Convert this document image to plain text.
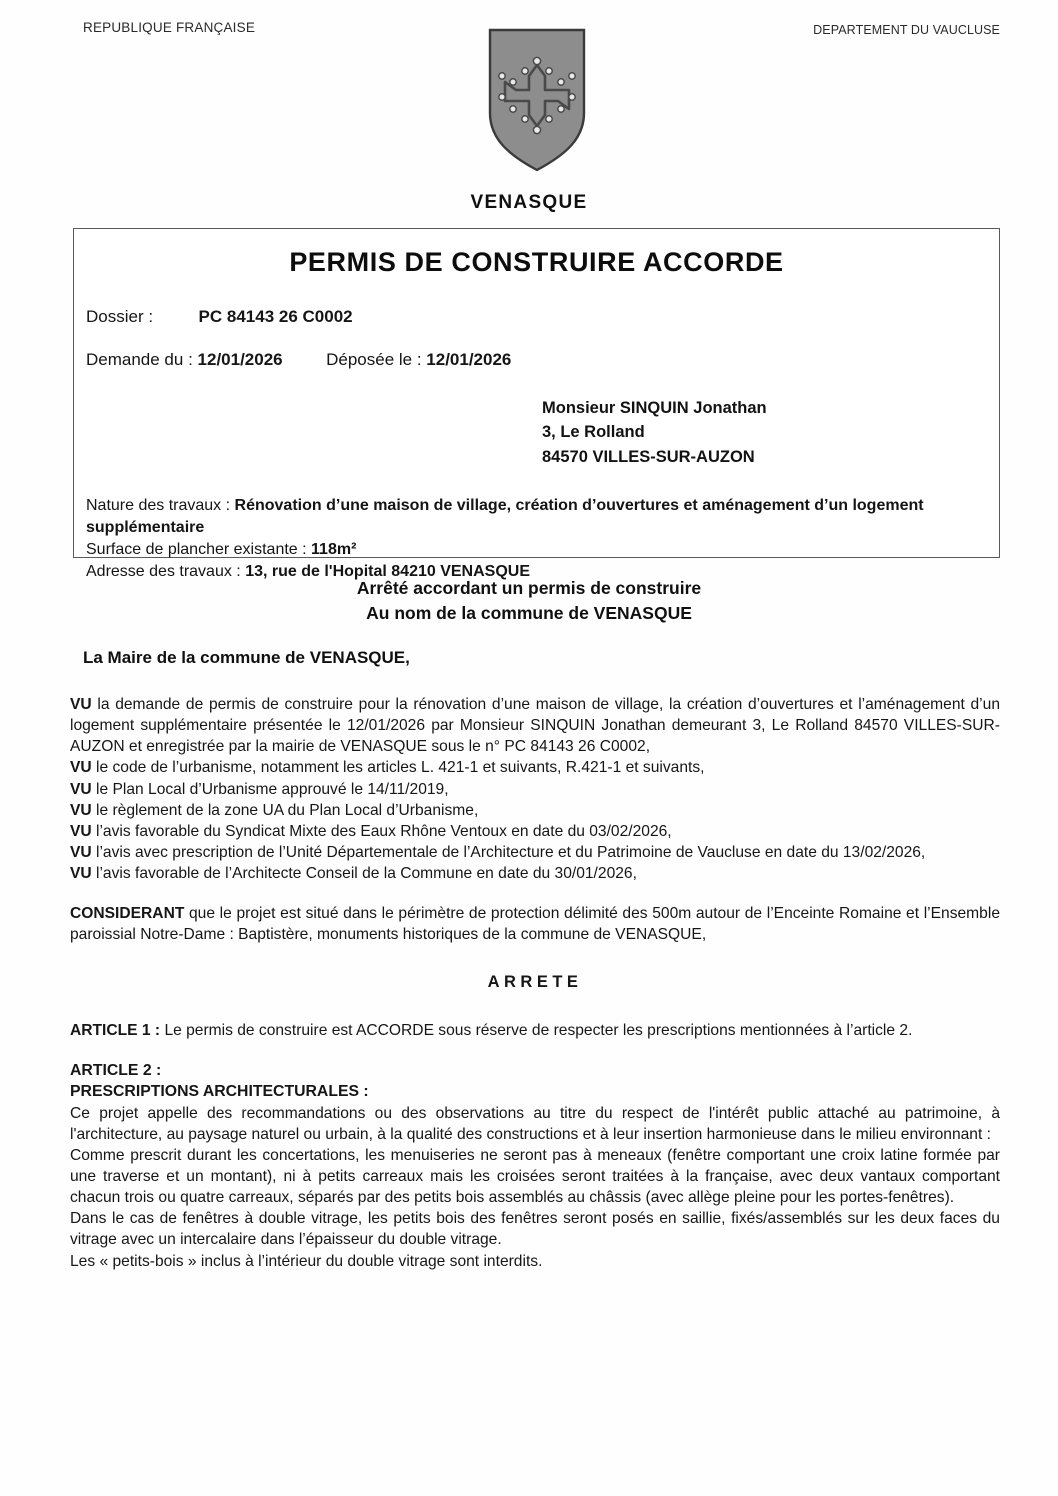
REPUBLIQUE FRANÇAISE	DEPARTEMENT DU VAUCLUSE
VENASQUE
PERMIS DE CONSTRUIRE ACCORDE
Dossier :	PC 84143 26 C0002
Demande du : 12/01/2026	Déposée le : 12/01/2026
Monsieur SINQUIN Jonathan
3, Le Rolland
84570 VILLES-SUR-AUZON

Nature des travaux : Rénovation d’une maison de village, création d’ouvertures et aménagement d’un logement supplémentaire

Surface de plancher existante : 118m²

Adresse des travaux : 13, rue de l'Hopital 84210 VENASQUE

Arrêté accordant un permis de construire
Au nom de la commune de VENASQUE
La Maire de la commune de VENASQUE,

VU la demande de permis de construire pour la rénovation d’une maison de village, la création d’ouvertures et l’aménagement d’un logement supplémentaire présentée le 12/01/2026 par Monsieur SINQUIN Jonathan demeurant 3, Le Rolland 84570 VILLES-SUR-AUZON et enregistrée par la mairie de VENASQUE sous le n° PC 84143 26 C0002,

VU le code de l’urbanisme, notamment les articles L. 421-1 et suivants, R.421-1 et suivants,

VU le Plan Local d’Urbanisme approuvé le 14/11/2019,

VU le règlement de la zone UA du Plan Local d’Urbanisme,

VU l’avis favorable du Syndicat Mixte des Eaux Rhône Ventoux en date du 03/02/2026,

VU l’avis avec prescription de l’Unité Départementale de l’Architecture et du Patrimoine de Vaucluse en date du 13/02/2026,

VU l’avis favorable de l’Architecte Conseil de la Commune en date du 30/01/2026,

CONSIDERANT que le projet est situé dans le périmètre de protection délimité des 500m autour de l’Enceinte Romaine et l’Ensemble paroissial Notre-Dame : Baptistère, monuments historiques de la commune de VENASQUE,

ARRETE

ARTICLE 1 : Le permis de construire est ACCORDE sous réserve de respecter les prescriptions mentionnées à l’article 2.

ARTICLE 2 :

PRESCRIPTIONS ARCHITECTURALES :

Ce projet appelle des recommandations ou des observations au titre du respect de l'intérêt public attaché au patrimoine, à l'architecture, au paysage naturel ou urbain, à la qualité des constructions et à leur insertion harmonieuse dans le milieu environnant :

Comme prescrit durant les concertations, les menuiseries ne seront pas à meneaux (fenêtre comportant une croix latine formée par une traverse et un montant), ni à petits carreaux mais les croisées seront traitées à la française, avec deux vantaux comportant chacun trois ou quatre carreaux, séparés par des petits bois assemblés au châssis (avec allège pleine pour les portes-fenêtres).

Dans le cas de fenêtres à double vitrage, les petits bois des fenêtres seront posés en saillie, fixés/assemblés sur les deux faces du vitrage avec un intercalaire dans l’épaisseur du double vitrage.

Les « petits-bois » inclus à l’intérieur du double vitrage sont interdits.
